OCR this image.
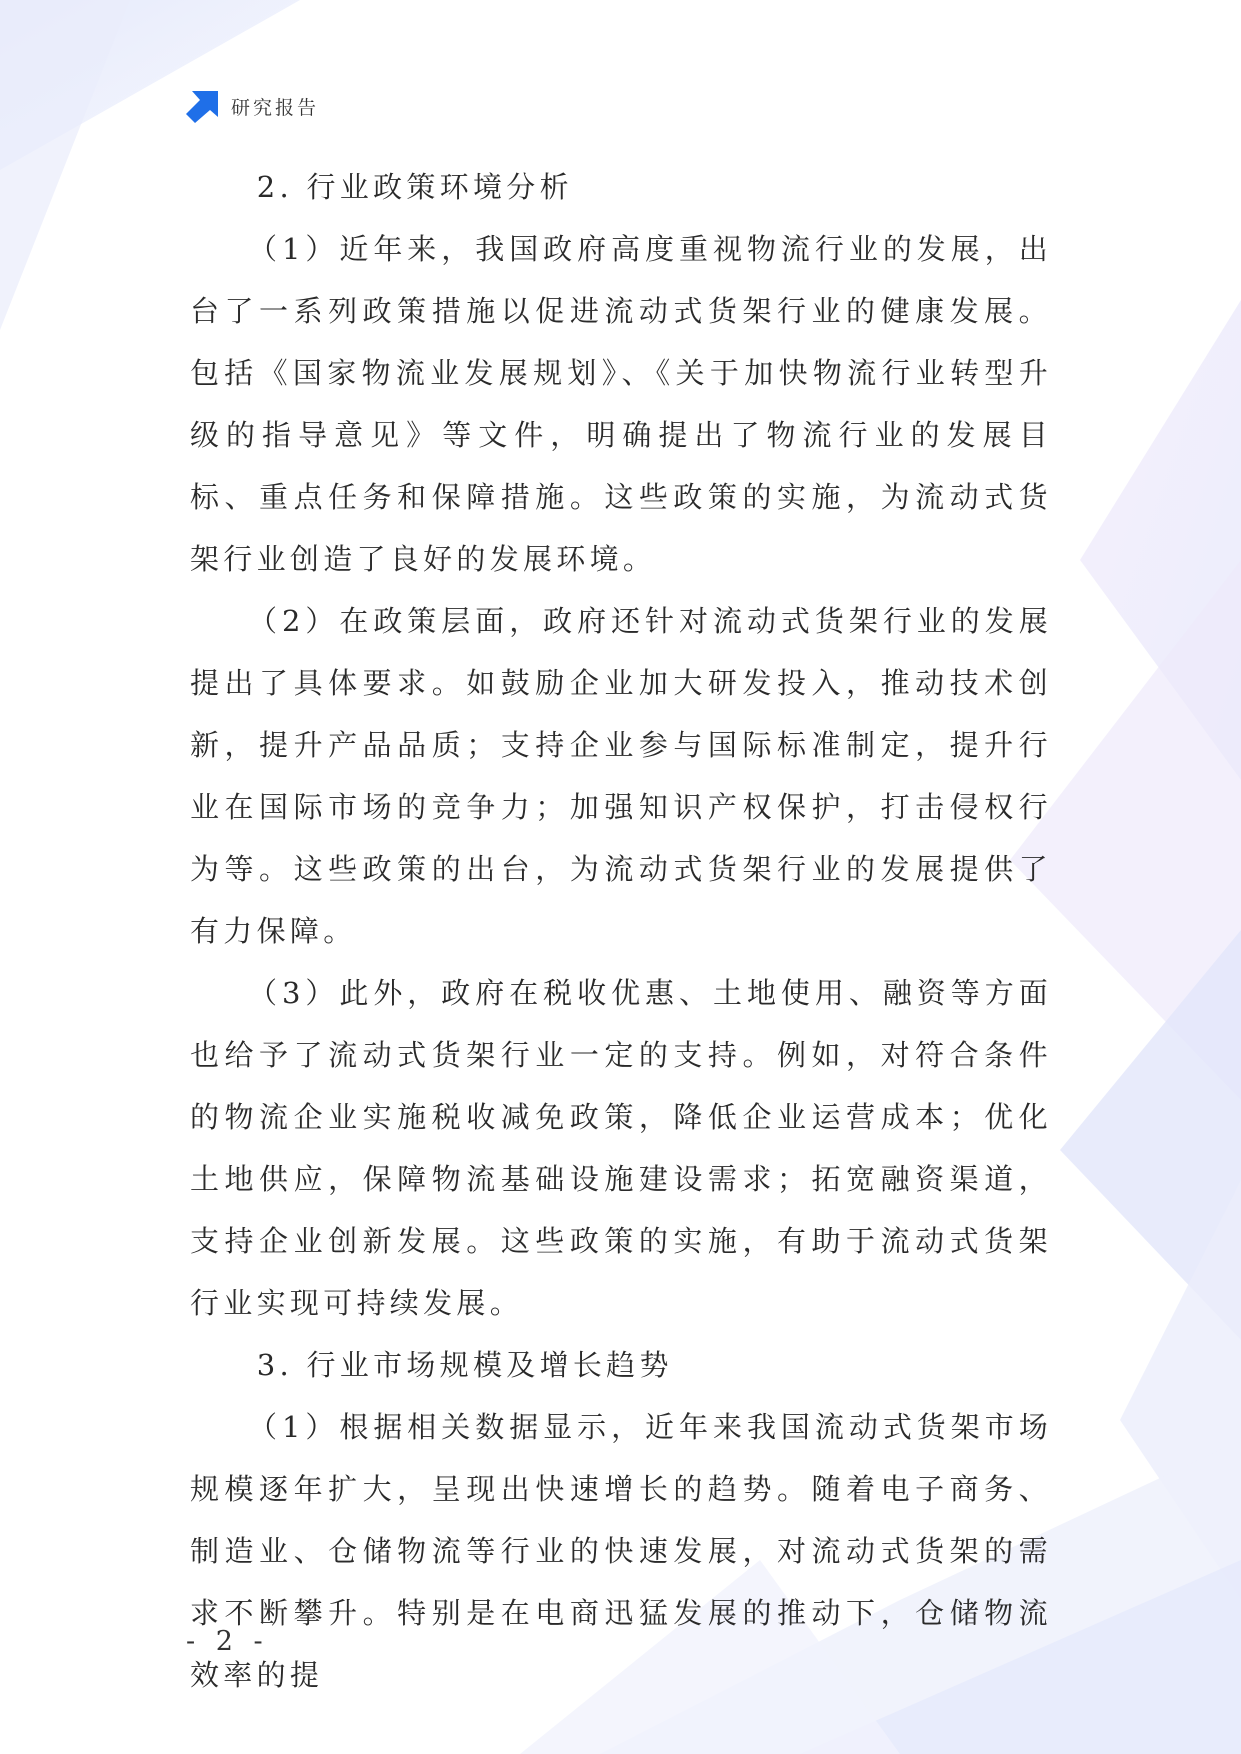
研究报告

2. 行业政策环境分析

（1）近年来，我国政府高度重视物流行业的发展，出台了一系列政策措施以促进流动式货架行业的健康发展。包括《国家物流业发展规划》、《关于加快物流行业转型升级的指导意见》等文件，明确提出了物流行业的发展目标、重点任务和保障措施。这些政策的实施，为流动式货架行业创造了良好的发展环境。

（2）在政策层面，政府还针对流动式货架行业的发展提出了具体要求。如鼓励企业加大研发投入，推动技术创新，提升产品品质；支持企业参与国际标准制定，提升行业在国际市场的竞争力；加强知识产权保护，打击侵权行为等。这些政策的出台，为流动式货架行业的发展提供了有力保障。

（3）此外，政府在税收优惠、土地使用、融资等方面也给予了流动式货架行业一定的支持。例如，对符合条件的物流企业实施税收减免政策，降低企业运营成本；优化土地供应，保障物流基础设施建设需求；拓宽融资渠道，支持企业创新发展。这些政策的实施，有助于流动式货架行业实现可持续发展。

3. 行业市场规模及增长趋势

（1）根据相关数据显示，近年来我国流动式货架市场规模逐年扩大，呈现出快速增长的趋势。随着电子商务、制造业、仓储物流等行业的快速发展，对流动式货架的需求不断攀升。特别是在电商迅猛发展的推动下，仓储物流效率的提

- 2 -
